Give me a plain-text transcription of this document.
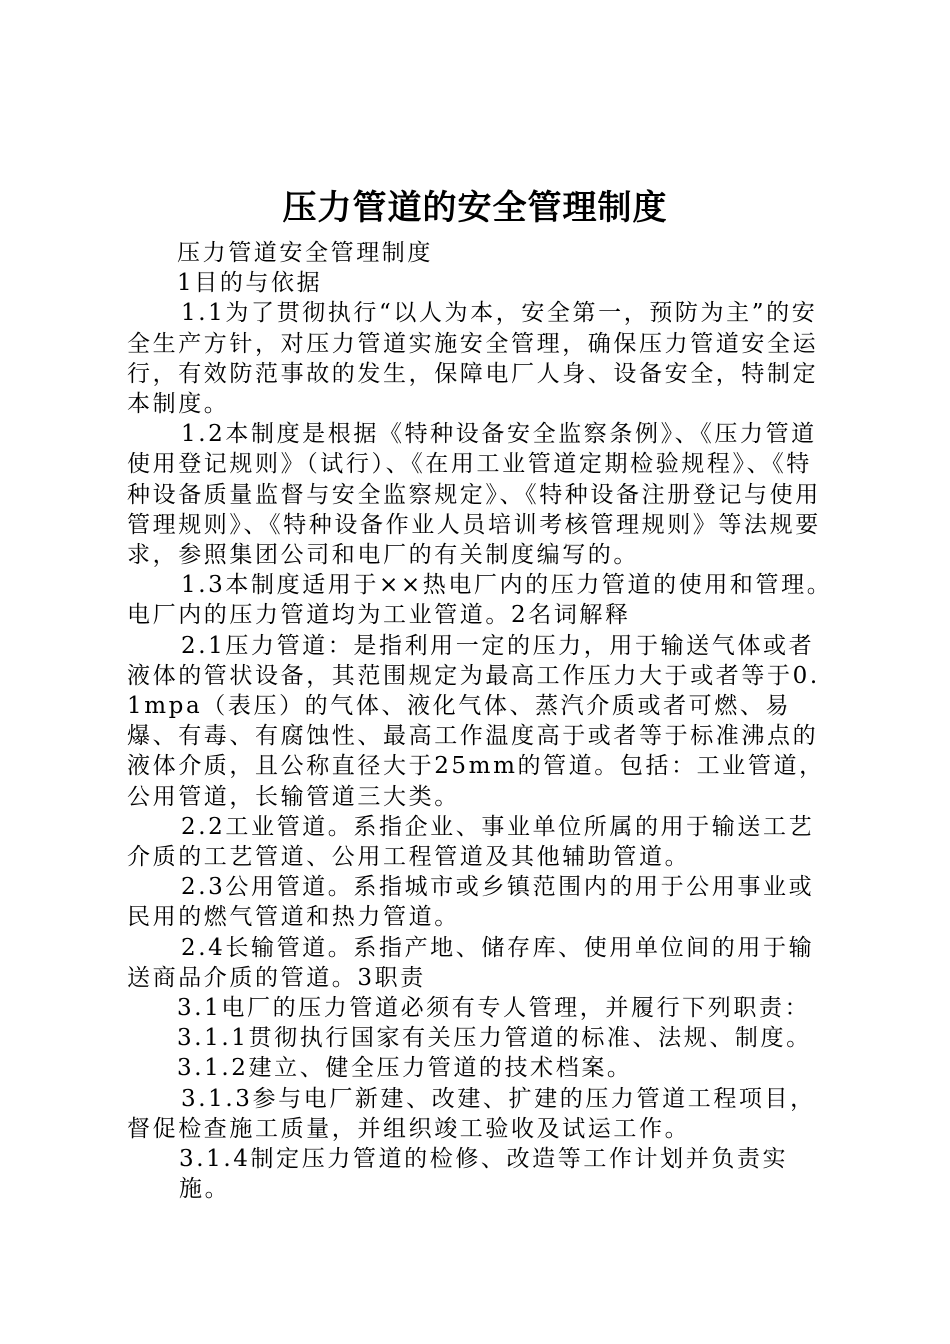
压力管道的安全管理制度

压力管道安全管理制度

1目的与依据

1.1为了贯彻执行“以人为本，安全第一，预防为主”的安全生产方针，对压力管道实施安全管理，确保压力管道安全运行，有效防范事故的发生，保障电厂人身、设备安全，特制定本制度。

1.2本制度是根据《特种设备安全监察条例》、《压力管道使用登记规则》（试行）、《在用工业管道定期检验规程》、《特种设备质量监督与安全监察规定》、《特种设备注册登记与使用管理规则》、《特种设备作业人员培训考核管理规则》等法规要求，参照集团公司和电厂的有关制度编写的。

1.3本制度适用于××热电厂内的压力管道的使用和管理。电厂内的压力管道均为工业管道。2名词解释

2.1压力管道：是指利用一定的压力，用于输送气体或者液体的管状设备，其范围规定为最高工作压力大于或者等于0.1mpa（表压）的气体、液化气体、蒸汽介质或者可燃、易爆、有毒、有腐蚀性、最高工作温度高于或者等于标准沸点的液体介质，且公称直径大于25mm的管道。包括：工业管道，公用管道，长输管道三大类。

2.2工业管道。系指企业、事业单位所属的用于输送工艺介质的工艺管道、公用工程管道及其他辅助管道。

2.3公用管道。系指城市或乡镇范围内的用于公用事业或民用的燃气管道和热力管道。

2.4长输管道。系指产地、储存库、使用单位间的用于输送商品介质的管道。3职责

3.1电厂的压力管道必须有专人管理，并履行下列职责：

3.1.1贯彻执行国家有关压力管道的标准、法规、制度。

3.1.2建立、健全压力管道的技术档案。

3.1.3参与电厂新建、改建、扩建的压力管道工程项目，督促检查施工质量，并组织竣工验收及试运工作。

3.1.4制定压力管道的检修、改造等工作计划并负责实施。
